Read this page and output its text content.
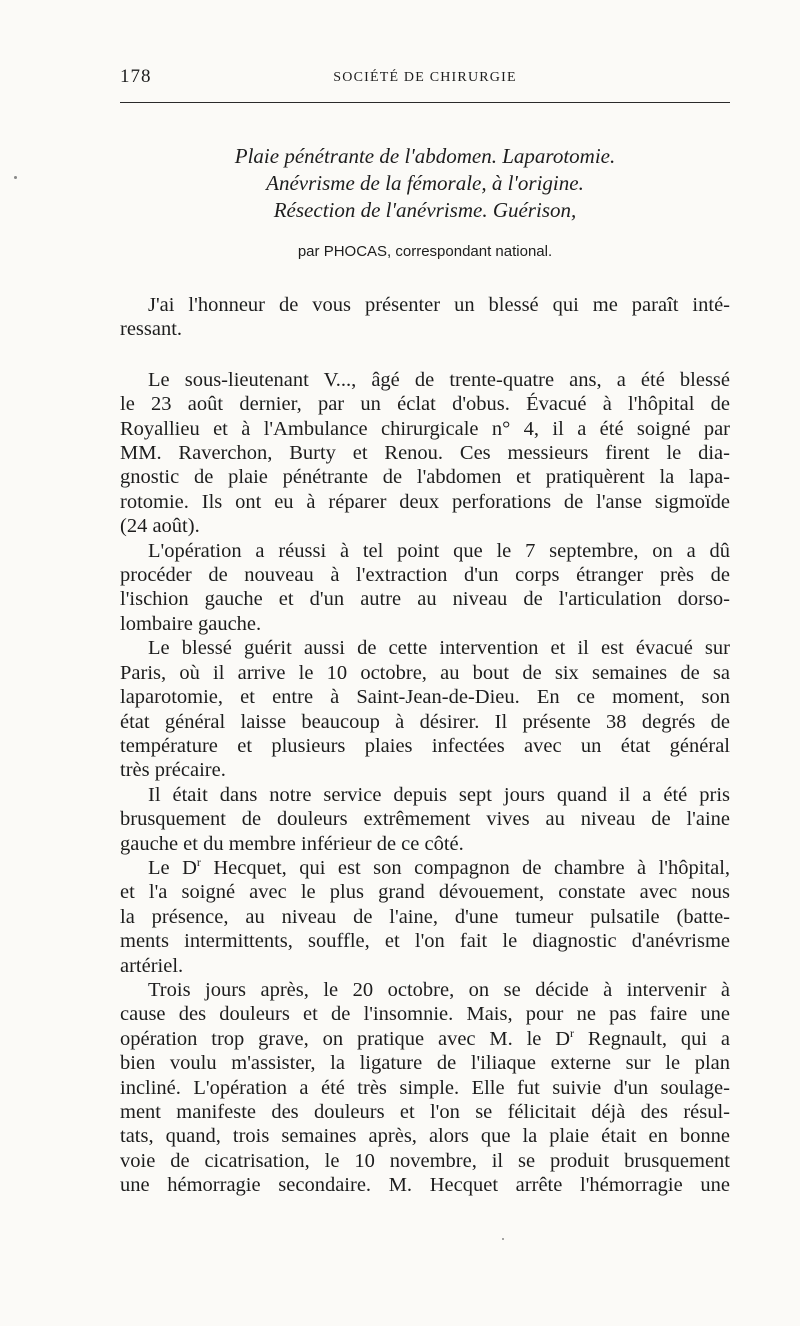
178	SOCIÉTÉ DE CHIRURGIE
Plaie pénétrante de l'abdomen. Laparotomie.
Anévrisme de la fémorale, à l'origine.
Résection de l'anévrisme. Guérison,
par PHOCAS, correspondant national.
J'ai l'honneur de vous présenter un blessé qui me paraît inté-
ressant.
Le sous-lieutenant V..., âgé de trente-quatre ans, a été blessé
le 23 août dernier, par un éclat d'obus. Évacué à l'hôpital de
Royallieu et à l'Ambulance chirurgicale n° 4, il a été soigné par
MM. Raverchon, Burty et Renou. Ces messieurs firent le dia-
gnostic de plaie pénétrante de l'abdomen et pratiquèrent la lapa-
rotomie. Ils ont eu à réparer deux perforations de l'anse sigmoïde
(24 août).
L'opération a réussi à tel point que le 7 septembre, on a dû
procéder de nouveau à l'extraction d'un corps étranger près de
l'ischion gauche et d'un autre au niveau de l'articulation dorso-
lombaire gauche.
Le blessé guérit aussi de cette intervention et il est évacué sur
Paris, où il arrive le 10 octobre, au bout de six semaines de sa
laparotomie, et entre à Saint-Jean-de-Dieu. En ce moment, son
état général laisse beaucoup à désirer. Il présente 38 degrés de
température et plusieurs plaies infectées avec un état général
très précaire.
Il était dans notre service depuis sept jours quand il a été pris
brusquement de douleurs extrêmement vives au niveau de l'aine
gauche et du membre inférieur de ce côté.
Le $D^r$ Hecquet, qui est son compagnon de chambre à l'hôpital,
et l'a soigné avec le plus grand dévouement, constate avec nous
la présence, au niveau de l'aine, d'une tumeur pulsatile (batte-
ments intermittents, souffle, et l'on fait le diagnostic d'anévrisme
artériel.
Trois jours après, le 20 octobre, on se décide à intervenir à
cause des douleurs et de l'insomnie. Mais, pour ne pas faire une
opération trop grave, on pratique avec M. le $D^r$ Regnault, qui a
bien voulu m'assister, la ligature de l'iliaque externe sur le plan
incliné. L'opération a été très simple. Elle fut suivie d'un soulage-
ment manifeste des douleurs et l'on se félicitait déjà des résul-
tats, quand, trois semaines après, alors que la plaie était en bonne
voie de cicatrisation, le 10 novembre, il se produit brusquement
une hémorragie secondaire. M. Hecquet arrête l'hémorragie une
